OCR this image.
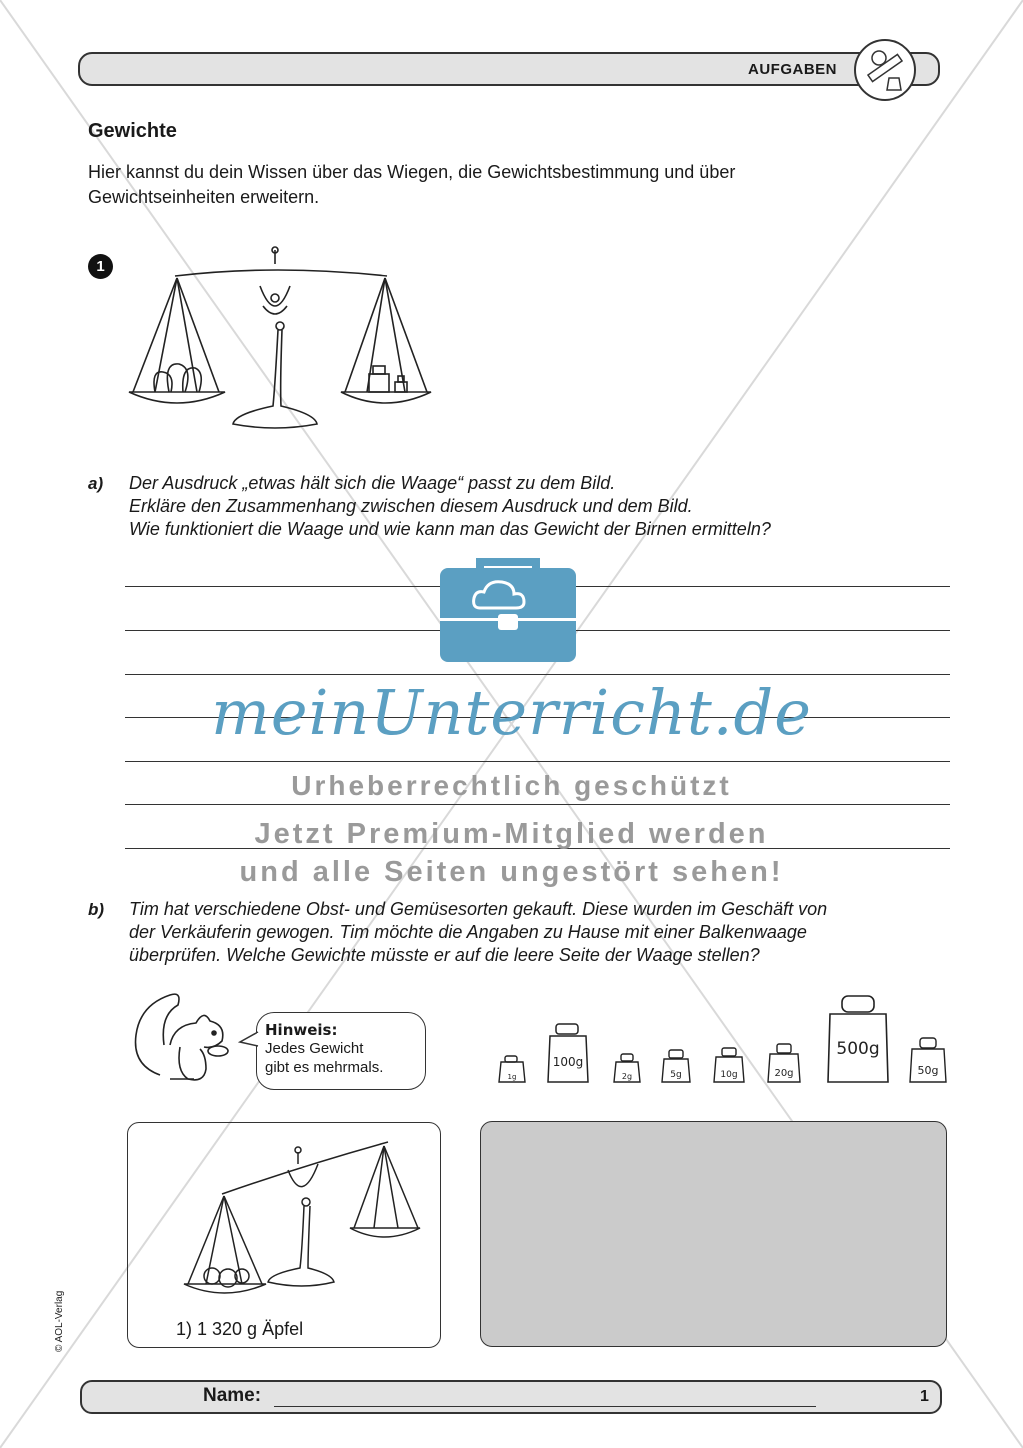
AUFGABEN
Gewichte
Hier kannst du dein Wissen über das Wiegen, die Gewichtsbestimmung und über Gewichtseinheiten erweitern.
1
a) Der Ausdruck „etwas hält sich die Waage“ passt zu dem Bild.
Erkläre den Zusammenhang zwischen diesem Ausdruck und dem Bild.
Wie funktioniert die Waage und wie kann man das Gewicht der Birnen ermitteln?
meinUnterricht.de
Urheberrechtlich geschützt
Jetzt Premium-Mitglied werden
und alle Seiten ungestört sehen!
b) Tim hat verschiedene Obst- und Gemüsesorten gekauft. Diese wurden im Geschäft von
der Verkäuferin gewogen. Tim möchte die Angaben zu Hause mit einer Balkenwaage
überprüfen. Welche Gewichte müsste er auf die leere Seite der Waage stellen?
Hinweis:
Jedes Gewicht
gibt es mehrmals.
1g
100g
2g	5g	10g	20g
500g
50g
1) 1 320 g Äpfel
Name:	1
© AOL-Verlag
